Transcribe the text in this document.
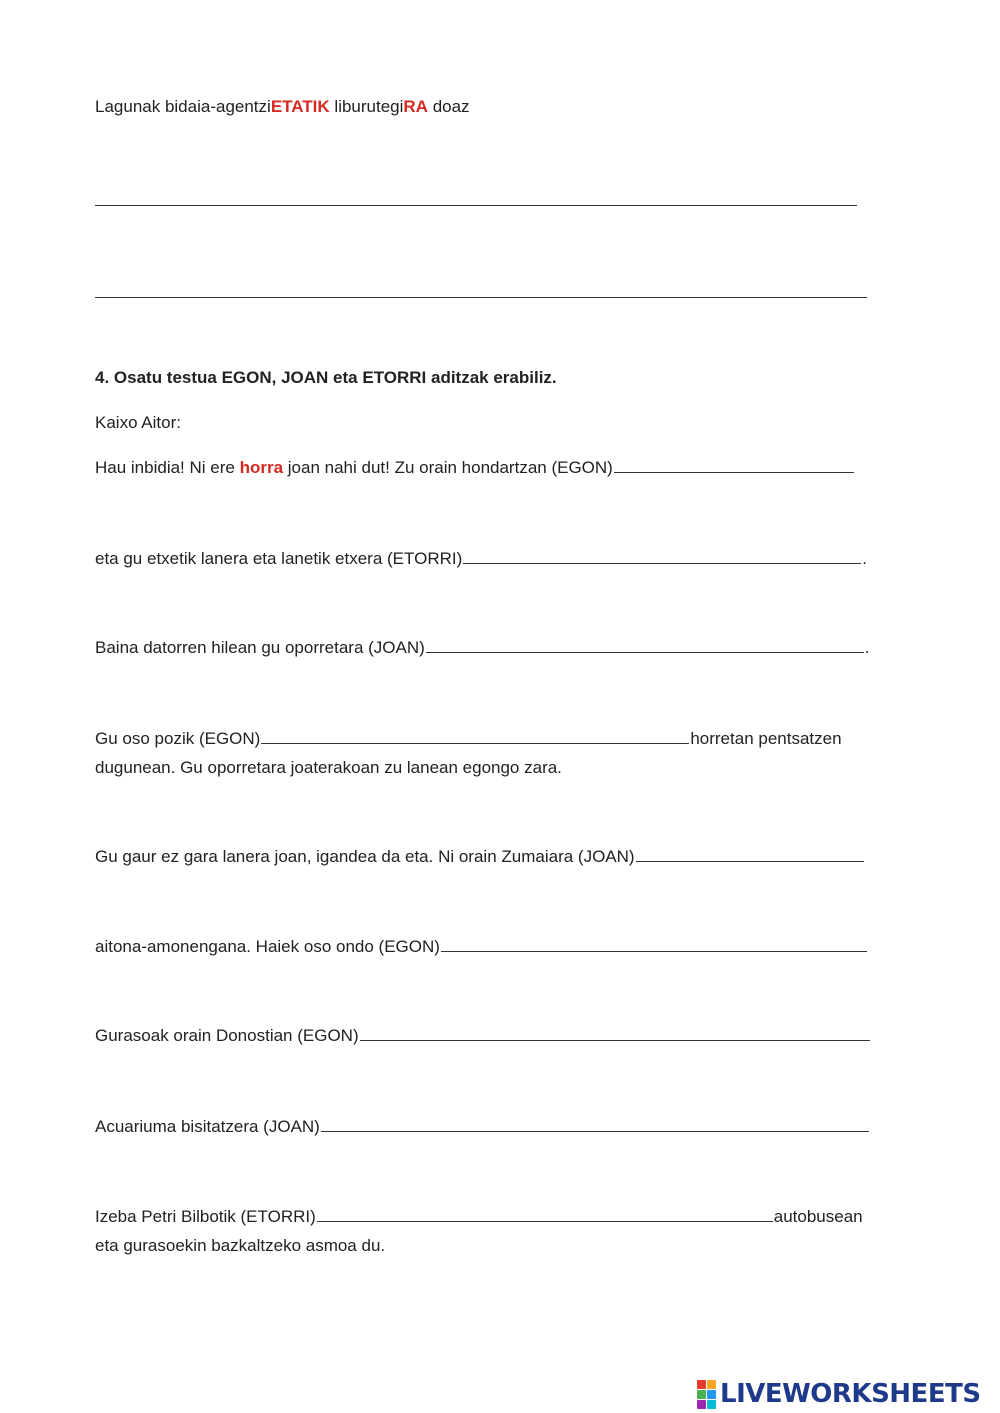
Lagunak bidaia-agentziETATIK liburutegiRA doaz
4. Osatu testua EGON, JOAN eta ETORRI aditzak erabiliz.
Kaixo Aitor:
Hau inbidia! Ni ere horra joan nahi dut! Zu orain hondartzan (EGON)
eta gu etxetik lanera eta lanetik etxera (ETORRI)	.
Baina datorren hilean gu oporretara (JOAN)	.
Gu oso pozik (EGON)	horretan pentsatzen
dugunean. Gu oporretara joaterakoan zu lanean egongo zara.
Gu gaur ez gara lanera joan, igandea da eta. Ni orain Zumaiara (JOAN)
aitona-amonengana. Haiek oso ondo (EGON)
Gurasoak orain Donostian (EGON)
Acuariuma bisitatzera (JOAN)
Izeba Petri Bilbotik (ETORRI)	autobusean
eta gurasoekin bazkaltzeko asmoa du.
LIVEWORKSHEETS
